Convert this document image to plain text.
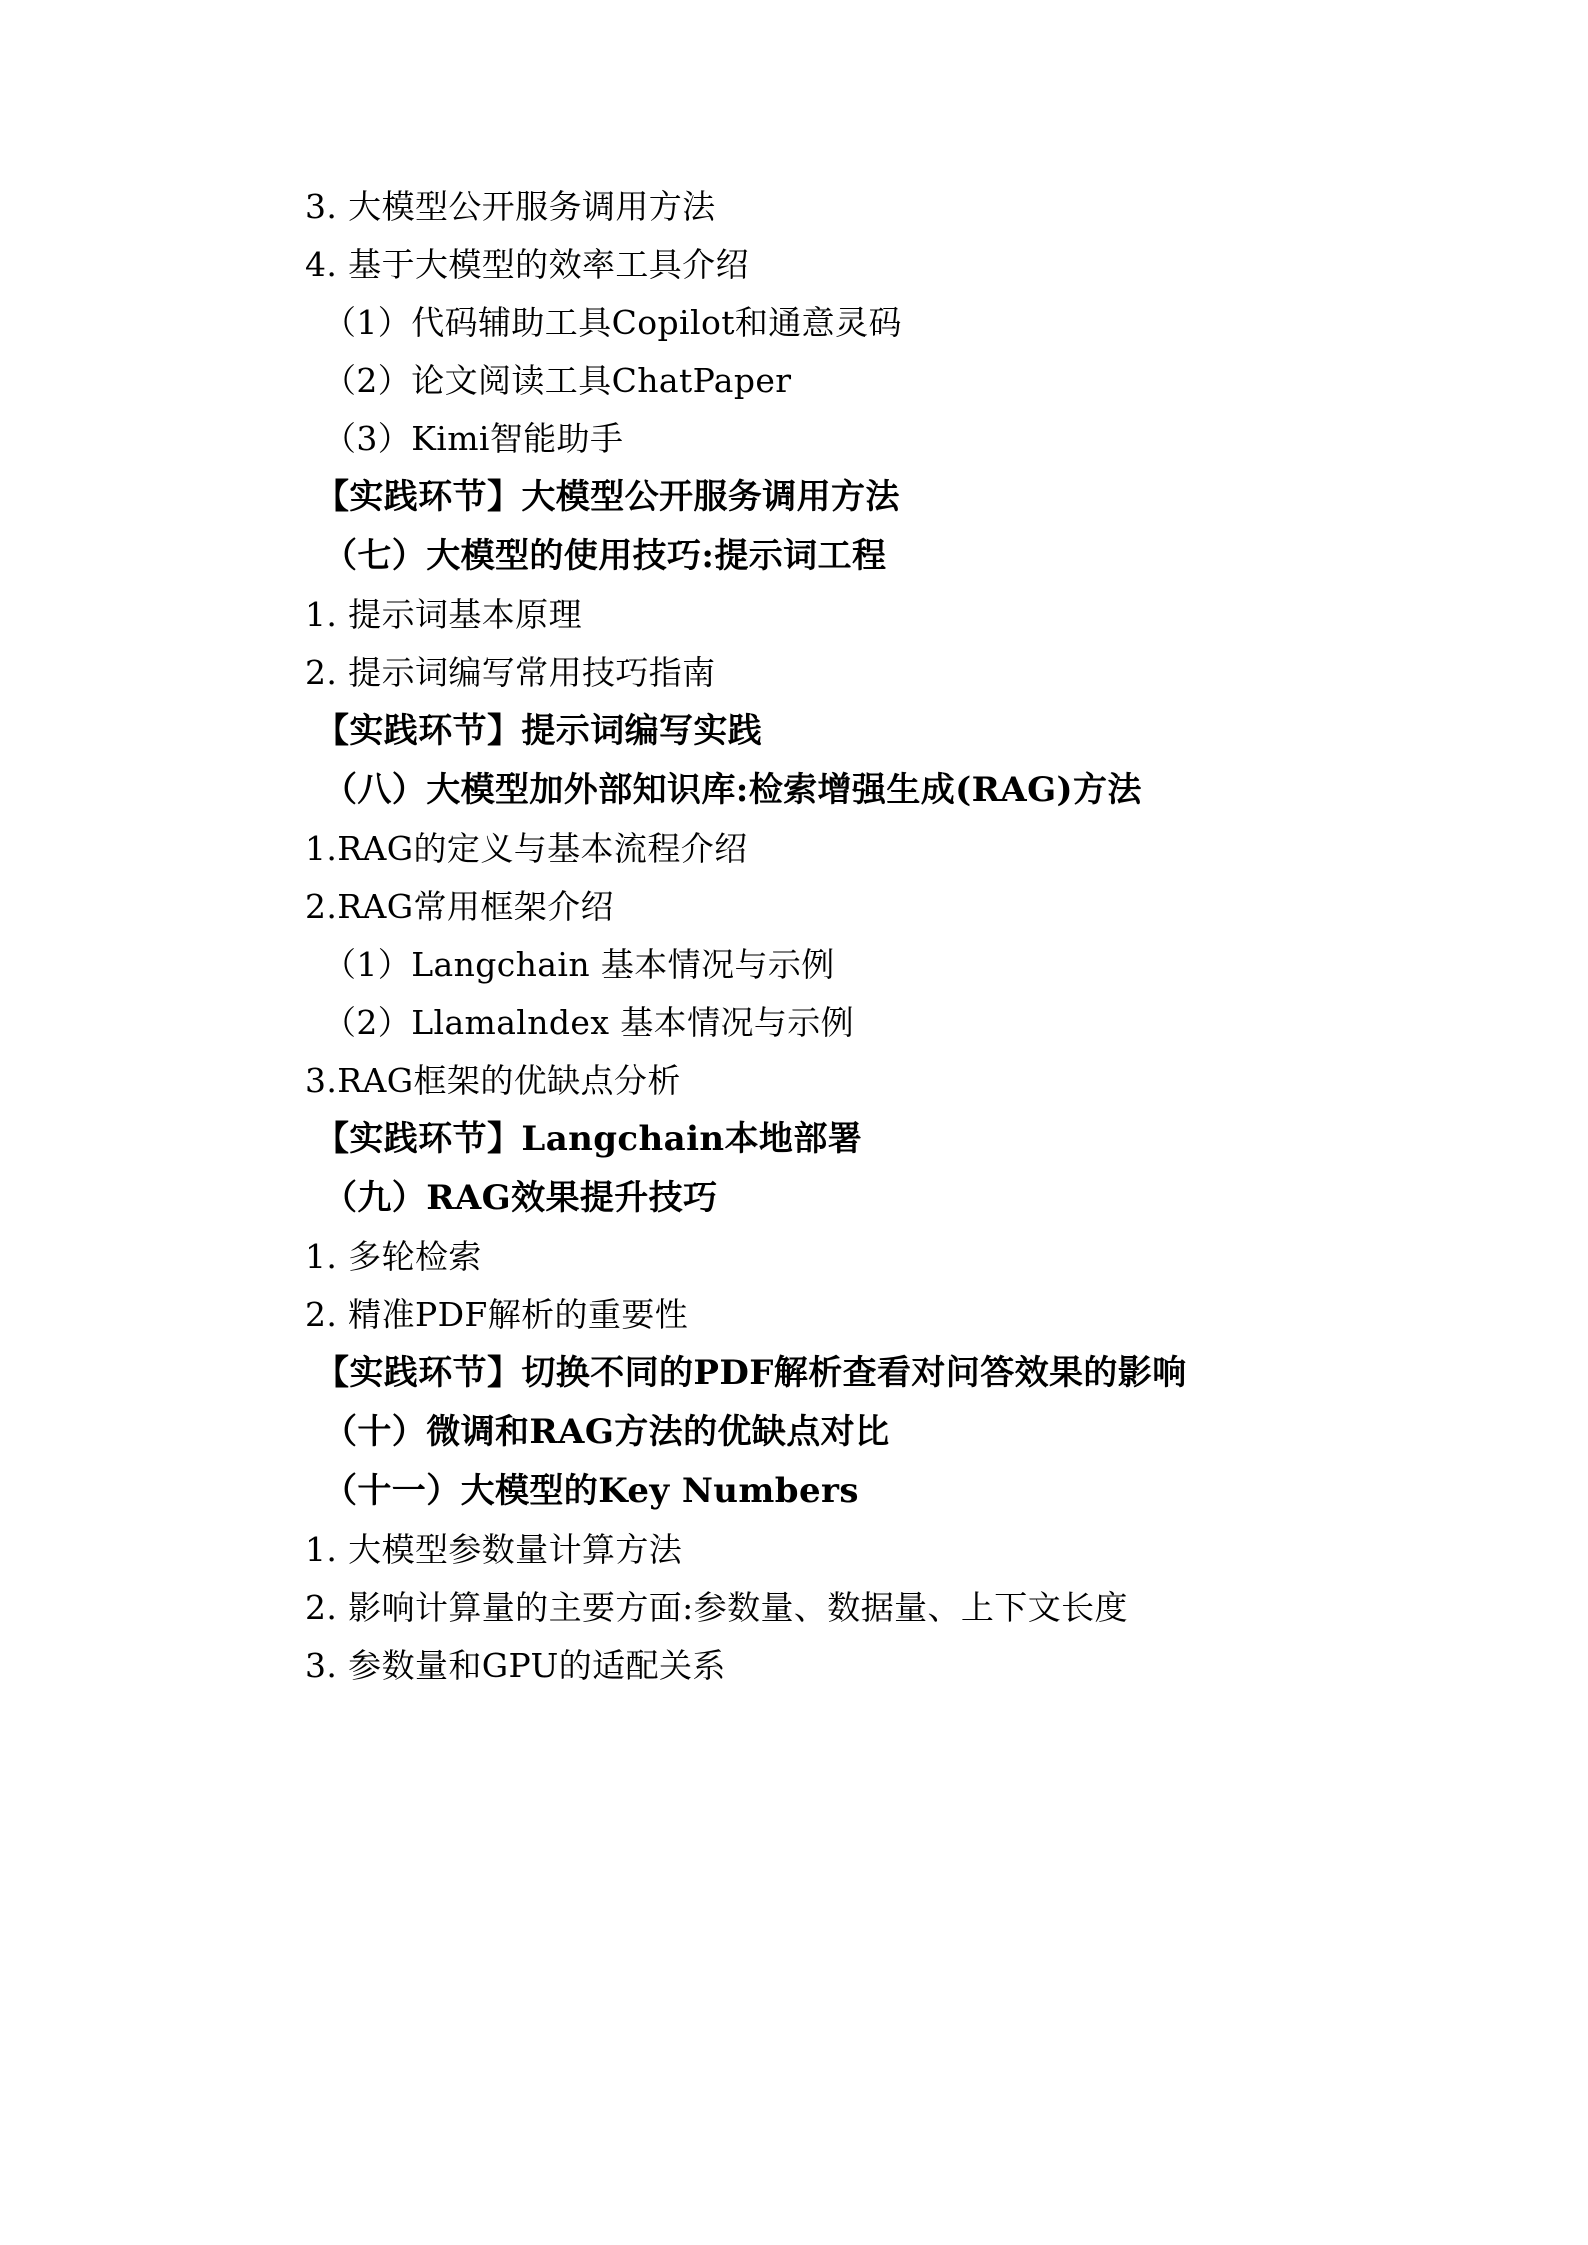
3. 大模型公开服务调用方法
4. 基于大模型的效率工具介绍
（1）代码辅助工具Copilot和通意灵码
（2）论文阅读工具ChatPaper
（3）Kimi智能助手
【实践环节】大模型公开服务调用方法
（七）大模型的使用技巧:提示词工程
1. 提示词基本原理
2. 提示词编写常用技巧指南
【实践环节】提示词编写实践
（八）大模型加外部知识库:检索增强生成(RAG)方法
1.RAG的定义与基本流程介绍
2.RAG常用框架介绍
（1）Langchain 基本情况与示例
（2）Llamalndex 基本情况与示例
3.RAG框架的优缺点分析
【实践环节】Langchain本地部署
（九）RAG效果提升技巧
1. 多轮检索
2. 精准PDF解析的重要性
【实践环节】切换不同的PDF解析查看对问答效果的影响
（十）微调和RAG方法的优缺点对比
（十一）大模型的Key Numbers
1. 大模型参数量计算方法
2. 影响计算量的主要方面:参数量、数据量、上下文长度
3. 参数量和GPU的适配关系
